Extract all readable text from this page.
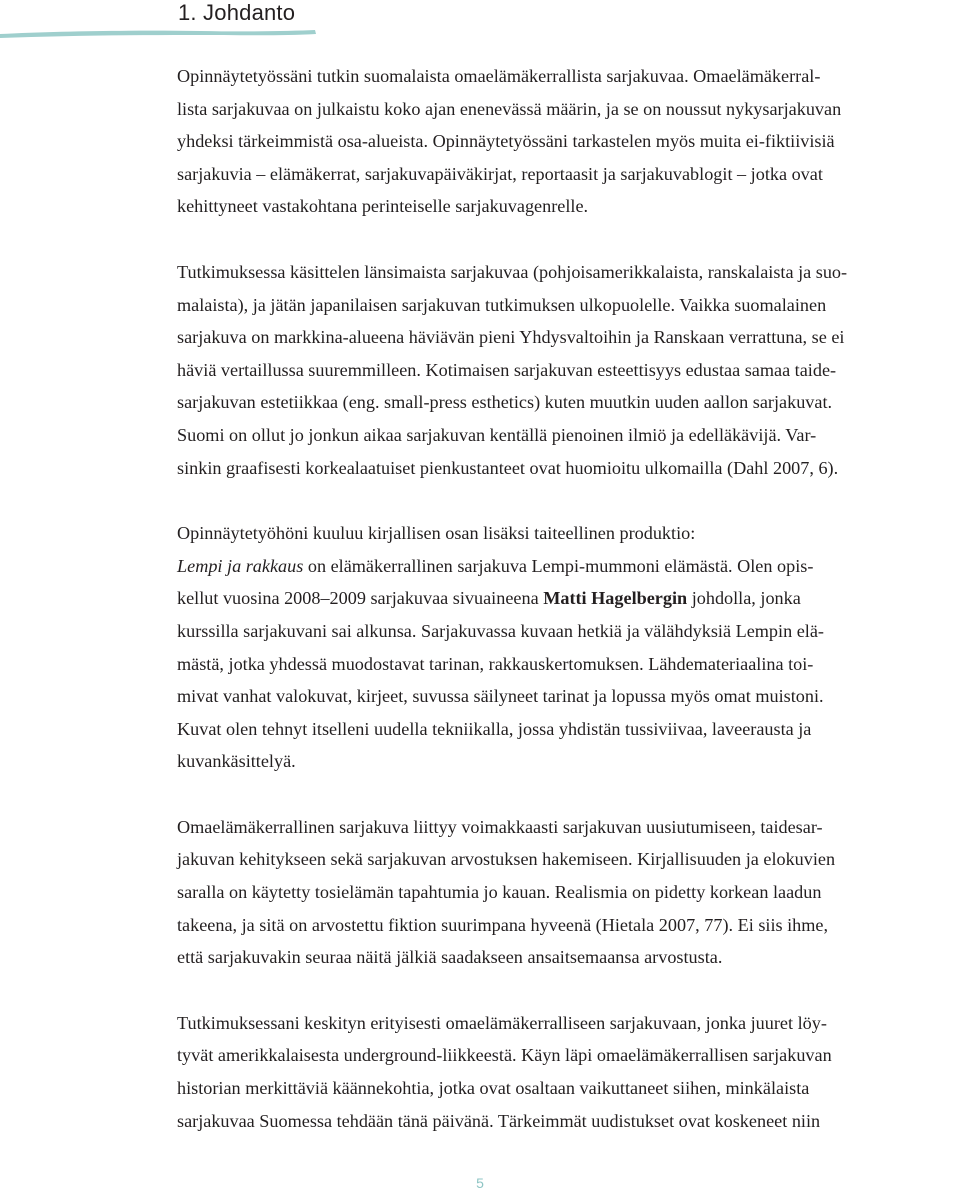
1. Johdanto
Opinnäytetyössäni tutkin suomalaista omaelämäkerrallista sarjakuvaa. Omaelämäkerral-
lista sarjakuvaa on julkaistu koko ajan enenevässä määrin, ja se on noussut nykysarjakuvan
yhdeksi tärkeimmistä osa-alueista. Opinnäytetyössäni tarkastelen myös muita ei-fiktiivisiä
sarjakuvia – elämäkerrat, sarjakuvapäiväkirjat, reportaasit ja sarjakuvablogit – jotka ovat
kehittyneet vastakohtana perinteiselle sarjakuvagenrelle.
Tutkimuksessa käsittelen länsimaista sarjakuvaa (pohjoisamerikkalaista, ranskalaista ja suo-
malaista), ja jätän japanilaisen sarjakuvan tutkimuksen ulkopuolelle. Vaikka suomalainen
sarjakuva on markkina-alueena häviävän pieni Yhdysvaltoihin ja Ranskaan verrattuna, se ei
häviä vertaillussa suuremmilleen. Kotimaisen sarjakuvan esteettisyys edustaa samaa taide-
sarjakuvan estetiikkaa (eng. small-press esthetics) kuten muutkin uuden aallon sarjakuvat.
Suomi on ollut jo jonkun aikaa sarjakuvan kentällä pienoinen ilmiö ja edelläkävijä. Var-
sinkin graafisesti korkealaatuiset pienkustanteet ovat huomioitu ulkomailla (Dahl 2007, 6).
Opinnäytetyöhöni kuuluu kirjallisen osan lisäksi taiteellinen produktio:
Lempi ja rakkaus on elämäkerrallinen sarjakuva Lempi-mummoni elämästä. Olen opis-
kellut vuosina 2008–2009 sarjakuvaa sivuaineena Matti Hagelbergin johdolla, jonka
kurssilla sarjakuvani sai alkunsa. Sarjakuvassa kuvaan hetkiä ja välähdyksiä Lempin elä-
mästä, jotka yhdessä muodostavat tarinan, rakkauskertomuksen. Lähdemateriaalina toi-
mivat vanhat valokuvat, kirjeet, suvussa säilyneet tarinat ja lopussa myös omat muistoni.
Kuvat olen tehnyt itselleni uudella tekniikalla, jossa yhdistän tussiviivaa, laveerausta ja
kuvankäsittelyä.
Omaelämäkerrallinen sarjakuva liittyy voimakkaasti sarjakuvan uusiutumiseen, taidesar-
jakuvan kehitykseen sekä sarjakuvan arvostuksen hakemiseen. Kirjallisuuden ja elokuvien
saralla on käytetty tosielämän tapahtumia jo kauan. Realismia on pidetty korkean laadun
takeena, ja sitä on arvostettu fiktion suurimpana hyveenä (Hietala 2007, 77). Ei siis ihme,
että sarjakuvakin seuraa näitä jälkiä saadakseen ansaitsemaansa arvostusta.
Tutkimuksessani keskityn erityisesti omaelämäkerralliseen sarjakuvaan, jonka juuret löy-
tyvät amerikkalaisesta underground-liikkeestä. Käyn läpi omaelämäkerrallisen sarjakuvan
historian merkittäviä käännekohtia, jotka ovat osaltaan vaikuttaneet siihen, minkälaista
sarjakuvaa Suomessa tehdään tänä päivänä. Tärkeimmät uudistukset ovat koskeneet niin
5
